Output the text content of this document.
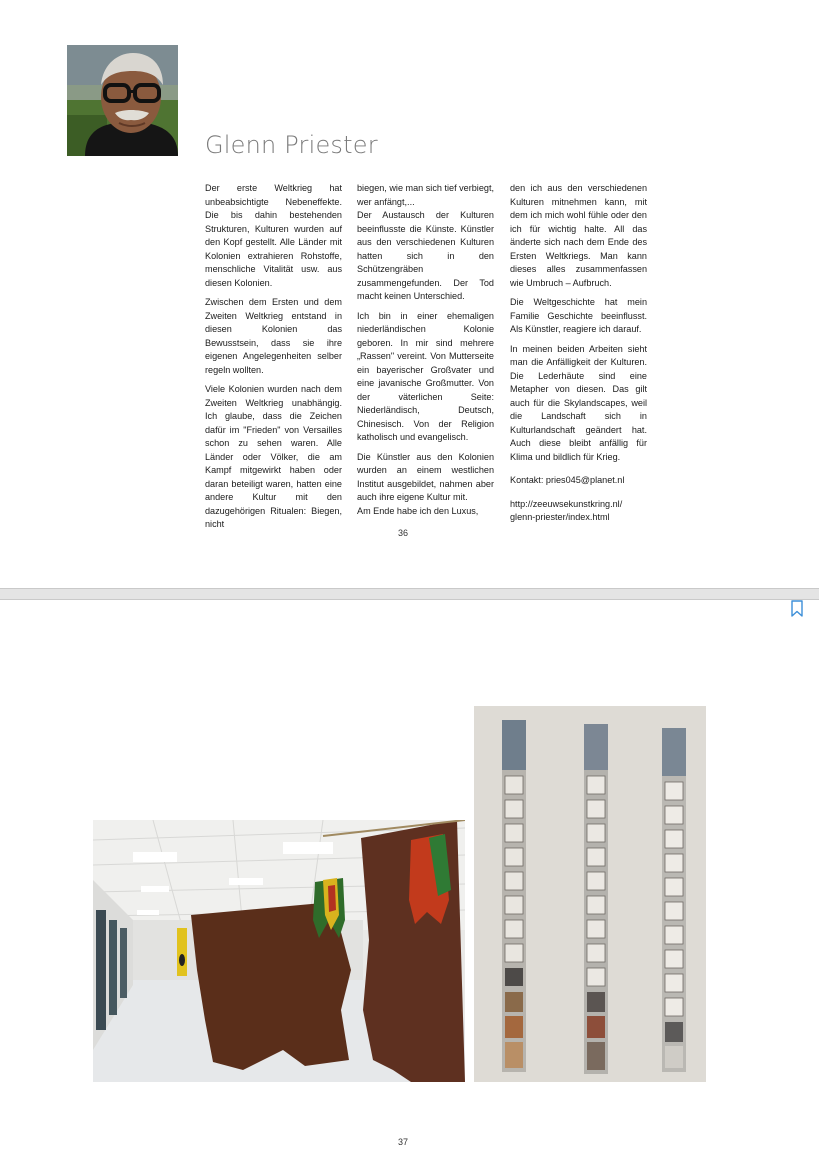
Glenn Priester

Der erste Weltkrieg hat unbeabsichtigte Nebeneffekte. Die bis dahin bestehenden Strukturen, Kulturen wurden auf den Kopf gestellt. Alle Länder mit Kolonien extrahieren Rohstoffe, menschliche Vitalität usw. aus diesen Kolonien.

Zwischen dem Ersten und dem Zweiten Weltkrieg entstand in diesen Kolonien das Bewusstsein, dass sie ihre eigenen Angelegenheiten selber regeln wollten.

Viele Kolonien wurden nach dem Zweiten Weltkrieg unabhängig. Ich glaube, dass die Zeichen dafür im "Frieden" von Versailles schon zu sehen waren. Alle Länder oder Völker, die am Kampf mitgewirkt haben oder daran beteiligt waren, hatten eine andere Kultur mit den dazugehörigen Ritualen: Biegen, nicht

biegen, wie man sich tief verbiegt, wer anfängt,...

Der Austausch der Kulturen beeinflusste die Künste. Künstler aus den verschiedenen Kulturen hatten sich in den Schützengräben zusammengefunden. Der Tod macht keinen Unterschied.

Ich bin in einer ehemaligen niederländischen Kolonie geboren. In mir sind mehrere „Rassen" vereint. Von Mutterseite ein bayerischer Großvater und eine javanische Großmutter. Von der väterlichen Seite: Niederländisch, Deutsch, Chinesisch. Von der Religion katholisch und evangelisch.

Die Künstler aus den Kolonien wurden an einem westlichen Institut ausgebildet, nahmen aber auch ihre eigene Kultur mit.

Am Ende habe ich den Luxus,

den ich aus den verschiedenen Kulturen mitnehmen kann, mit dem ich mich wohl fühle oder den ich für wichtig halte. All das änderte sich nach dem Ende des Ersten Weltkriegs. Man kann dieses alles zusammenfassen wie Umbruch – Aufbruch.

Die Weltgeschichte hat mein Familie Geschichte beeinflusst. Als Künstler, reagiere ich darauf.

In meinen beiden Arbeiten sieht man die Anfälligkeit der Kulturen. Die Lederhäute sind eine Metapher von diesen. Das gilt auch für die Skylandscapes, weil die Landschaft sich in Kulturlandschaft geändert hat. Auch diese bleibt anfällig für Klima und bildlich für Krieg.

Kontakt: pries045@planet.nl

http://zeeuwsekunstkring.nl/

glenn-priester/index.html

36
37
